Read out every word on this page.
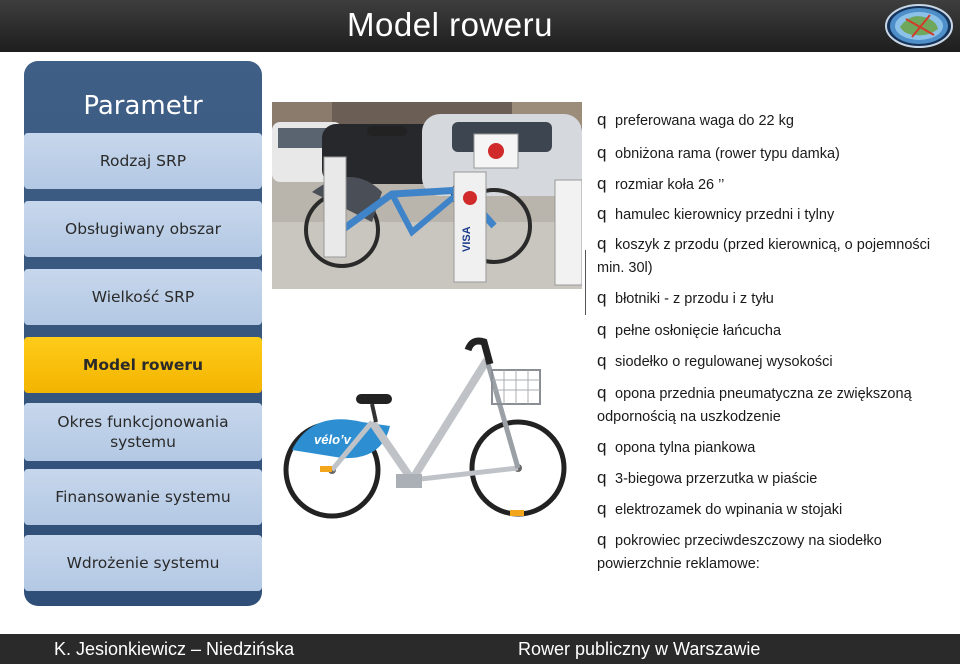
Model roweru
Parametr
Rodzaj SRP
Obsługiwany obszar
Wielkość SRP
Model roweru
Okres funkcjonowania
systemu
Finansowanie systemu
Wdrożenie systemu
VISA
vélo’v
q preferowana waga do 22 kg
q obniżona rama (rower typu damka)
q rozmiar koła 26 ’’
q hamulec kierownicy przedni i tylny
q koszyk z przodu (przed kierownicą, o pojemności min. 30l)
q błotniki - z przodu i z tyłu
q pełne osłonięcie łańcucha
q siodełko o regulowanej wysokości
q opona przednia pneumatyczna ze zwiększoną odpornością na uszkodzenie
q opona tylna piankowa
q 3-biegowa przerzutka w piaście
q elektrozamek do wpinania w stojaki
q pokrowiec przeciwdeszczowy na siodełko powierzchnie reklamowe:
K. Jesionkiewicz – Niedzińska	Rower publiczny w Warszawie
